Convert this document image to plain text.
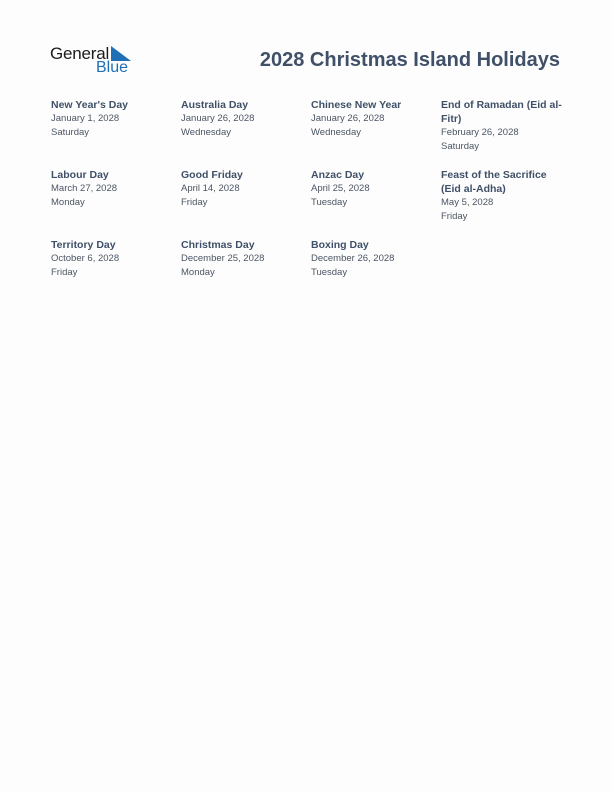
General
Blue	2028 Christmas Island Holidays
New Year's Day
January 1, 2028
Saturday
Australia Day
January 26, 2028
Wednesday
Chinese New Year
January 26, 2028
Wednesday
End of Ramadan (Eid al-Fitr)
February 26, 2028
Saturday
Labour Day
March 27, 2028
Monday
Good Friday
April 14, 2028
Friday
Anzac Day
April 25, 2028
Tuesday
Feast of the Sacrifice (Eid al-Adha)
May 5, 2028
Friday
Territory Day
October 6, 2028
Friday
Christmas Day
December 25, 2028
Monday
Boxing Day
December 26, 2028
Tuesday
